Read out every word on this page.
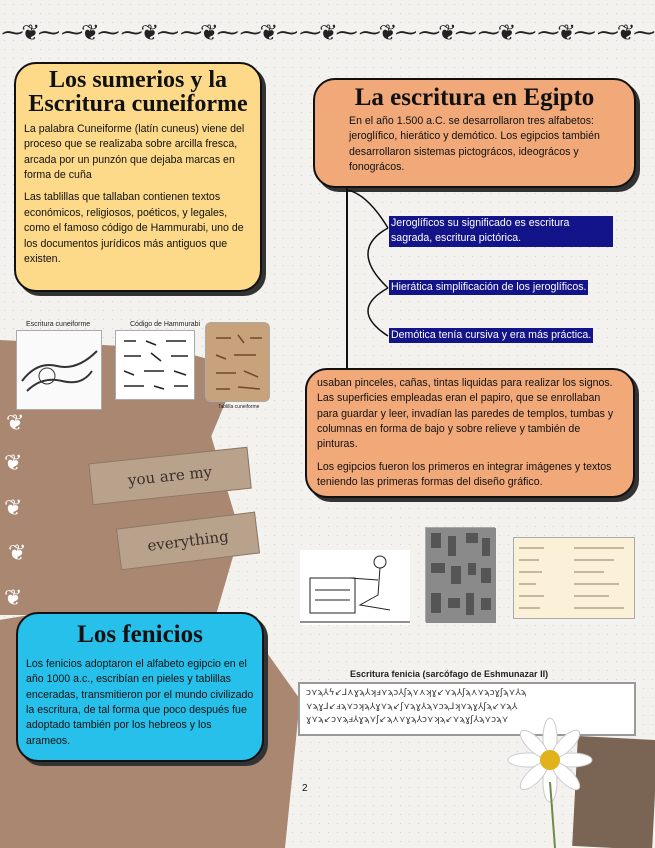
⁓❦⁓ ⁓❦⁓ ⁓❦⁓ ⁓❦⁓ ⁓❦⁓ ⁓❦⁓ ⁓❦⁓ ⁓❦⁓ ⁓❦⁓ ⁓❦⁓ ⁓❦⁓
❦
❦
❦
❦
❦
Los sumerios y la Escritura cuneiforme

La palabra Cuneiforme (latín cuneus) viene del proceso que se realizaba sobre arcilla fresca, arcada por un punzón que dejaba marcas en forma de cuña

Las tablillas que tallaban contienen textos económicos, religiosos, poéticos, y legales, como el famoso código de Hammurabi, uno de los documentos jurídicos más antiguos que existen.

Escritura cuneiforme	Código de Hammurabi
Tablilla cuneiforme
you are my
everything
La escritura en Egipto
En el año 1.500 a.C. se desarrollaron tres alfabetos: jeroglífico, hierático y demótico. Los egipcios también desarrollaron sistemas pictográcos, ideográcos y fonográcos.
Jeroglíficos su significado es escritura sagrada, escritura pictórica.
Hierática simplificación de los jeroglíficos.
Demótica tenía cursiva y era más práctica.

usaban pinceles, cañas, tintas liquidas para realizar los signos. Las superficies empleadas eran el papiro, que se enrollaban para guardar y leer, invadían las paredes de templos, tumbas y columnas en forma de bajo y sobre relieve y también de pinturas.

Los egipcios fueron los primeros en integrar imágenes y textos teniendo las primeras formas del diseño gráfico.

Los fenicios
Los fenicios adoptaron el alfabeto egipcio en el año 1000 a.c., escribían en pieles y tablillas enceradas, transmitieron por el mundo civilizado la escritura, de tal forma que poco después fue adoptado también por los hebreos y los arameos.
Escritura fenicia (sarcófago de Eshmunazar II)
ↄ⋎ϡ⅄ϟ↙⅃⋏ɣϡ⅄ʞⅎ⋎ϡↄ⅄ʃϡ⋎⋏ʞɣ↙⋎ϡ⅄ʃϡ⋏⋎ϡↄɣʃϡ⋎⅄ϡ
⋎ϡɣ⅃↙ⅎϡ⋎ↄʞϡ⅄ɣ⋎ϡ↙ʃ⋎ϡɣ⅄ϡ⋎ↄϡ⅃ʞ⋎ϡɣ⅄ʃϡ↙⋎ϡ⅄
ɣ⋎ϡ↙ↄ⋎ϡⅎ⅄ɣϡ⋎ʃ↙ϡ⋏⋎ɣϡ⅄ↄ⋎ʞϡ↙⋎ϡɣʃ⅄ϡ⋎ↄϡ⋎
2
